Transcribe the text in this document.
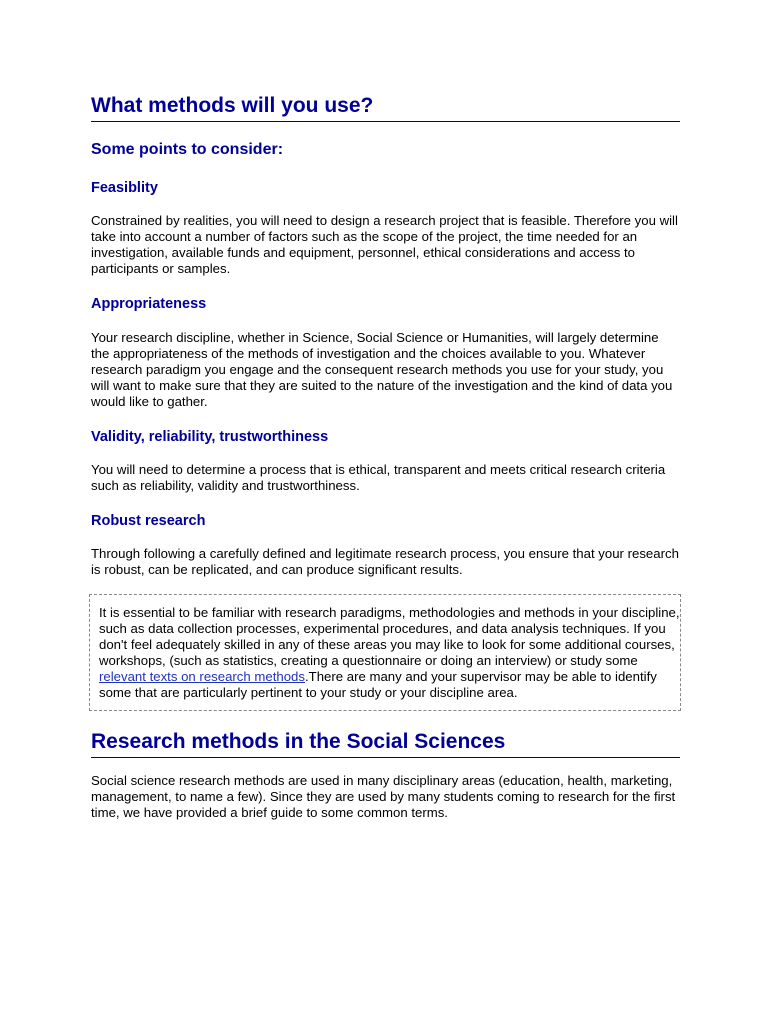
What methods will you use?
Some points to consider:
Feasiblity

Constrained by realities, you will need to design a research project that is feasible. Therefore you will take into account a number of factors such as the scope of the project, the time needed for an investigation, available funds and equipment, personnel, ethical considerations and access to participants or samples.

Appropriateness

Your research discipline, whether in Science, Social Science or Humanities, will largely determine the appropriateness of the methods of investigation and the choices available to you. Whatever research paradigm you engage and the consequent research methods you use for your study, you will want to make sure that they are suited to the nature of the investigation and the kind of data you would like to gather.

Validity, reliability, trustworthiness

You will need to determine a process that is ethical, transparent and meets critical research criteria such as reliability, validity and trustworthiness.

Robust research

Through following a carefully defined and legitimate research process, you ensure that your research is robust, can be replicated, and can produce significant results.

It is essential to be familiar with research paradigms, methodologies and methods in your discipline, such as data collection processes, experimental procedures, and data analysis techniques. If you don't feel adequately skilled in any of these areas you may like to look for some additional courses, workshops, (such as statistics, creating a questionnaire or doing an interview) or study some relevant texts on research methods.There are many and your supervisor may be able to identify some that are particularly pertinent to your study or your discipline area.

Research methods in the Social Sciences

Social science research methods are used in many disciplinary areas (education, health, marketing, management, to name a few). Since they are used by many students coming to research for the first time, we have provided a brief guide to some common terms.
